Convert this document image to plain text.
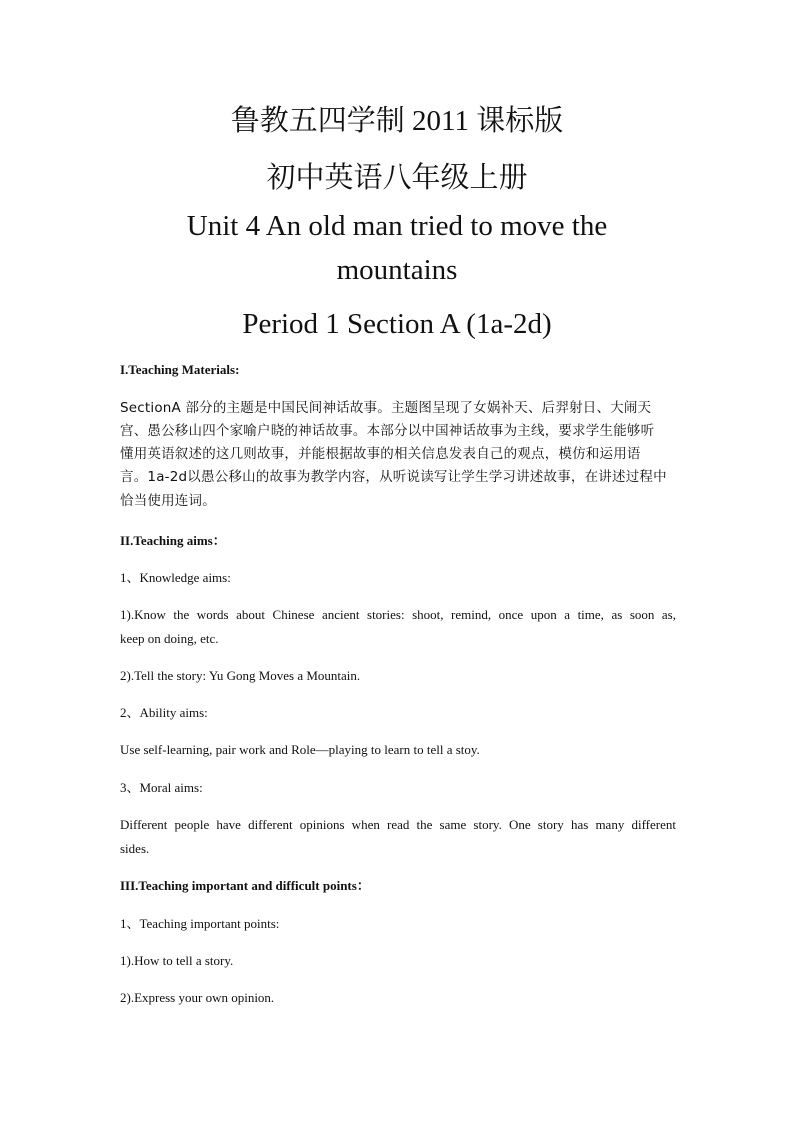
鲁教五四学制 2011 课标版
初中英语八年级上册
Unit 4 An old man tried to move the
mountains
Period 1 Section A (1a-2d)
I.Teaching Materials:
SectionA 部分的主题是中国民间神话故事。主题图呈现了女娲补天、后羿射日、大闹天
宫、愚公移山四个家喻户晓的神话故事。本部分以中国神话故事为主线，要求学生能够听
懂用英语叙述的这几则故事，并能根据故事的相关信息发表自己的观点，模仿和运用语
言。1a-2d以愚公移山的故事为教学内容，从听说读写让学生学习讲述故事，在讲述过程中
恰当使用连词。
II.Teaching aims：
1、Knowledge aims:
1).Know the words about Chinese ancient stories: shoot, remind, once upon a time, as soon as,
keep on doing, etc.
2).Tell the story: Yu Gong Moves a Mountain.
2、Ability aims:
Use self-learning, pair work and Role—playing to learn to tell a stoy.
3、Moral aims:
Different people have different opinions when read the same story. One story has many different
sides.
III.Teaching important and difficult points：
1、Teaching important points:
1).How to tell a story.
2).Express your own opinion.
